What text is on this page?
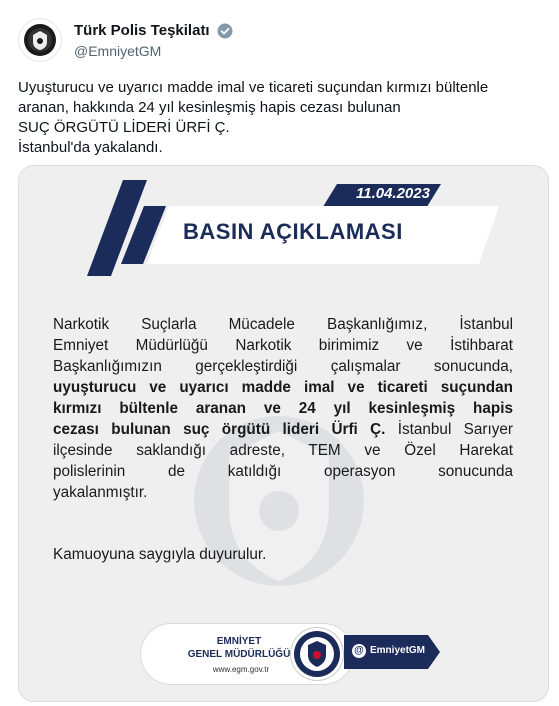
Türk Polis Teşkilatı
@EmniyetGM
Uyuşturucu ve uyarıcı madde imal ve ticareti suçundan kırmızı bültenle
aranan, hakkında 24 yıl kesinleşmiş hapis cezası bulunan
SUÇ ÖRGÜTÜ LİDERİ ÜRFİ Ç.
İstanbul'da yakalandı.
11.04.2023
BASIN AÇIKLAMASI
Narkotik Suçlarla Mücadele Başkanlığımız, İstanbul
Emniyet Müdürlüğü Narkotik birimimiz ve İstihbarat
Başkanlığımızın gerçekleştirdiği çalışmalar sonucunda,
uyuşturucu ve uyarıcı madde imal ve ticareti suçundan
kırmızı bültenle aranan ve 24 yıl kesinleşmiş hapis
cezası bulunan suç örgütü lideri Ürfi Ç. İstanbul Sarıyer
ilçesinde saklandığı adreste, TEM ve Özel Harekat
polislerinin de katıldığı operasyon sonucunda
yakalanmıştır.
Kamuoyuna saygıyla duyurulur.
EMNİYET
GENEL MÜDÜRLÜĞÜ
www.egm.gov.tr
@ EmniyetGM
